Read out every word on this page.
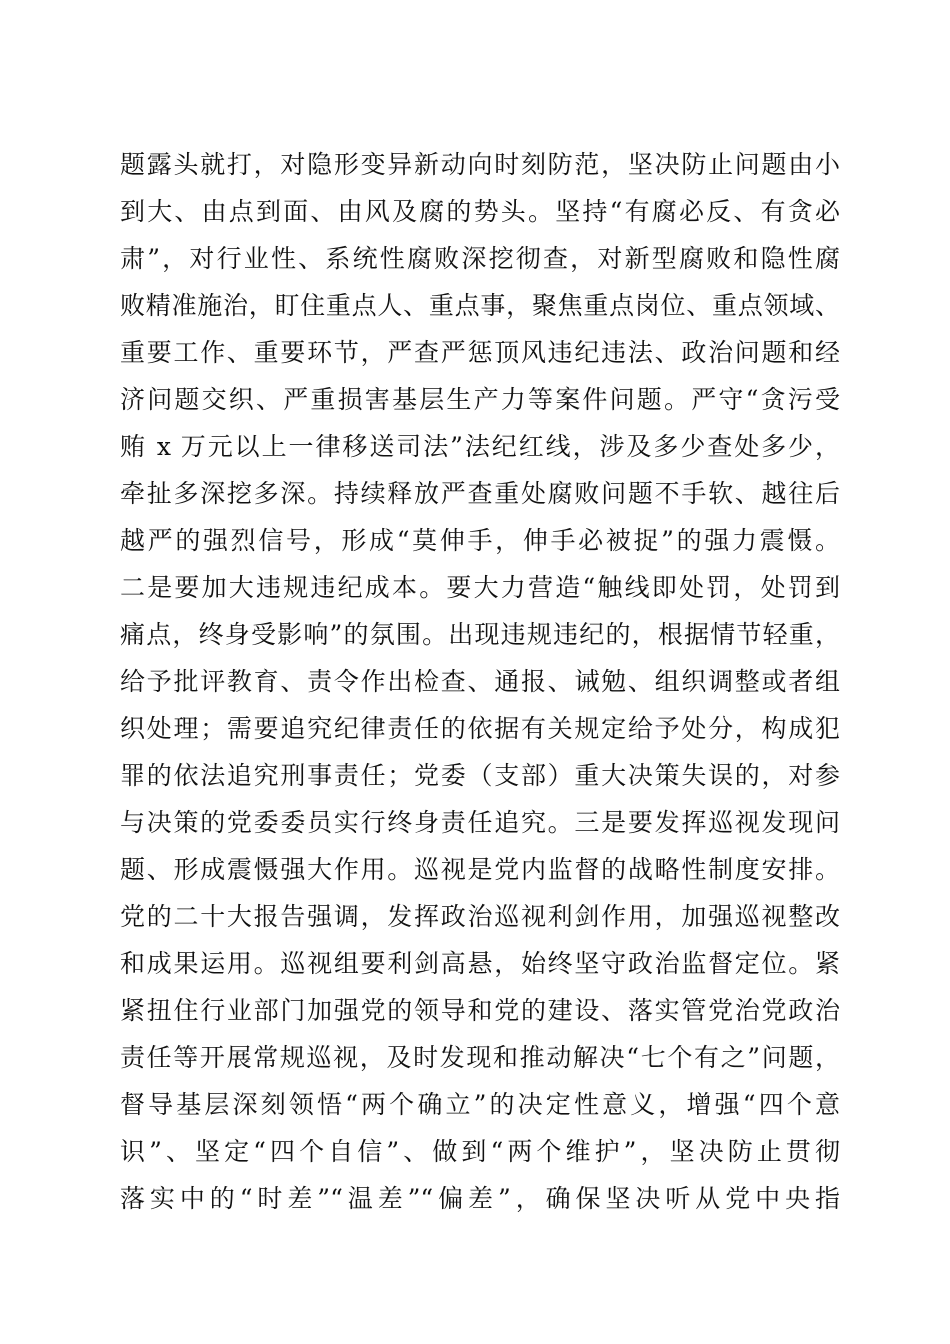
题露头就打，对隐形变异新动向时刻防范，坚决防止问题由小
到大、由点到面、由风及腐的势头。坚持“有腐必反、有贪必
肃”，对行业性、系统性腐败深挖彻查，对新型腐败和隐性腐
败精准施治，盯住重点人、重点事，聚焦重点岗位、重点领域、
重要工作、重要环节，严查严惩顶风违纪违法、政治问题和经
济问题交织、严重损害基层生产力等案件问题。严守“贪污受
贿 x 万元以上一律移送司法”法纪红线，涉及多少查处多少，
牵扯多深挖多深。持续释放严查重处腐败问题不手软、越往后
越严的强烈信号，形成“莫伸手，伸手必被捉”的强力震慑。
二是要加大违规违纪成本。要大力营造“触线即处罚，处罚到
痛点，终身受影响”的氛围。出现违规违纪的，根据情节轻重，
给予批评教育、责令作出检查、通报、诫勉、组织调整或者组
织处理；需要追究纪律责任的依据有关规定给予处分，构成犯
罪的依法追究刑事责任；党委（支部）重大决策失误的，对参
与决策的党委委员实行终身责任追究。三是要发挥巡视发现问
题、形成震慑强大作用。巡视是党内监督的战略性制度安排。
党的二十大报告强调，发挥政治巡视利剑作用，加强巡视整改
和成果运用。巡视组要利剑高悬，始终坚守政治监督定位。紧
紧扭住行业部门加强党的领导和党的建设、落实管党治党政治
责任等开展常规巡视，及时发现和推动解决“七个有之”问题，
督导基层深刻领悟“两个确立”的决定性意义，增强“四个意
识”、坚定“四个自信”、做到“两个维护”，坚决防止贯彻
落实中的“时差”“温差”“偏差”，确保坚决听从党中央指
